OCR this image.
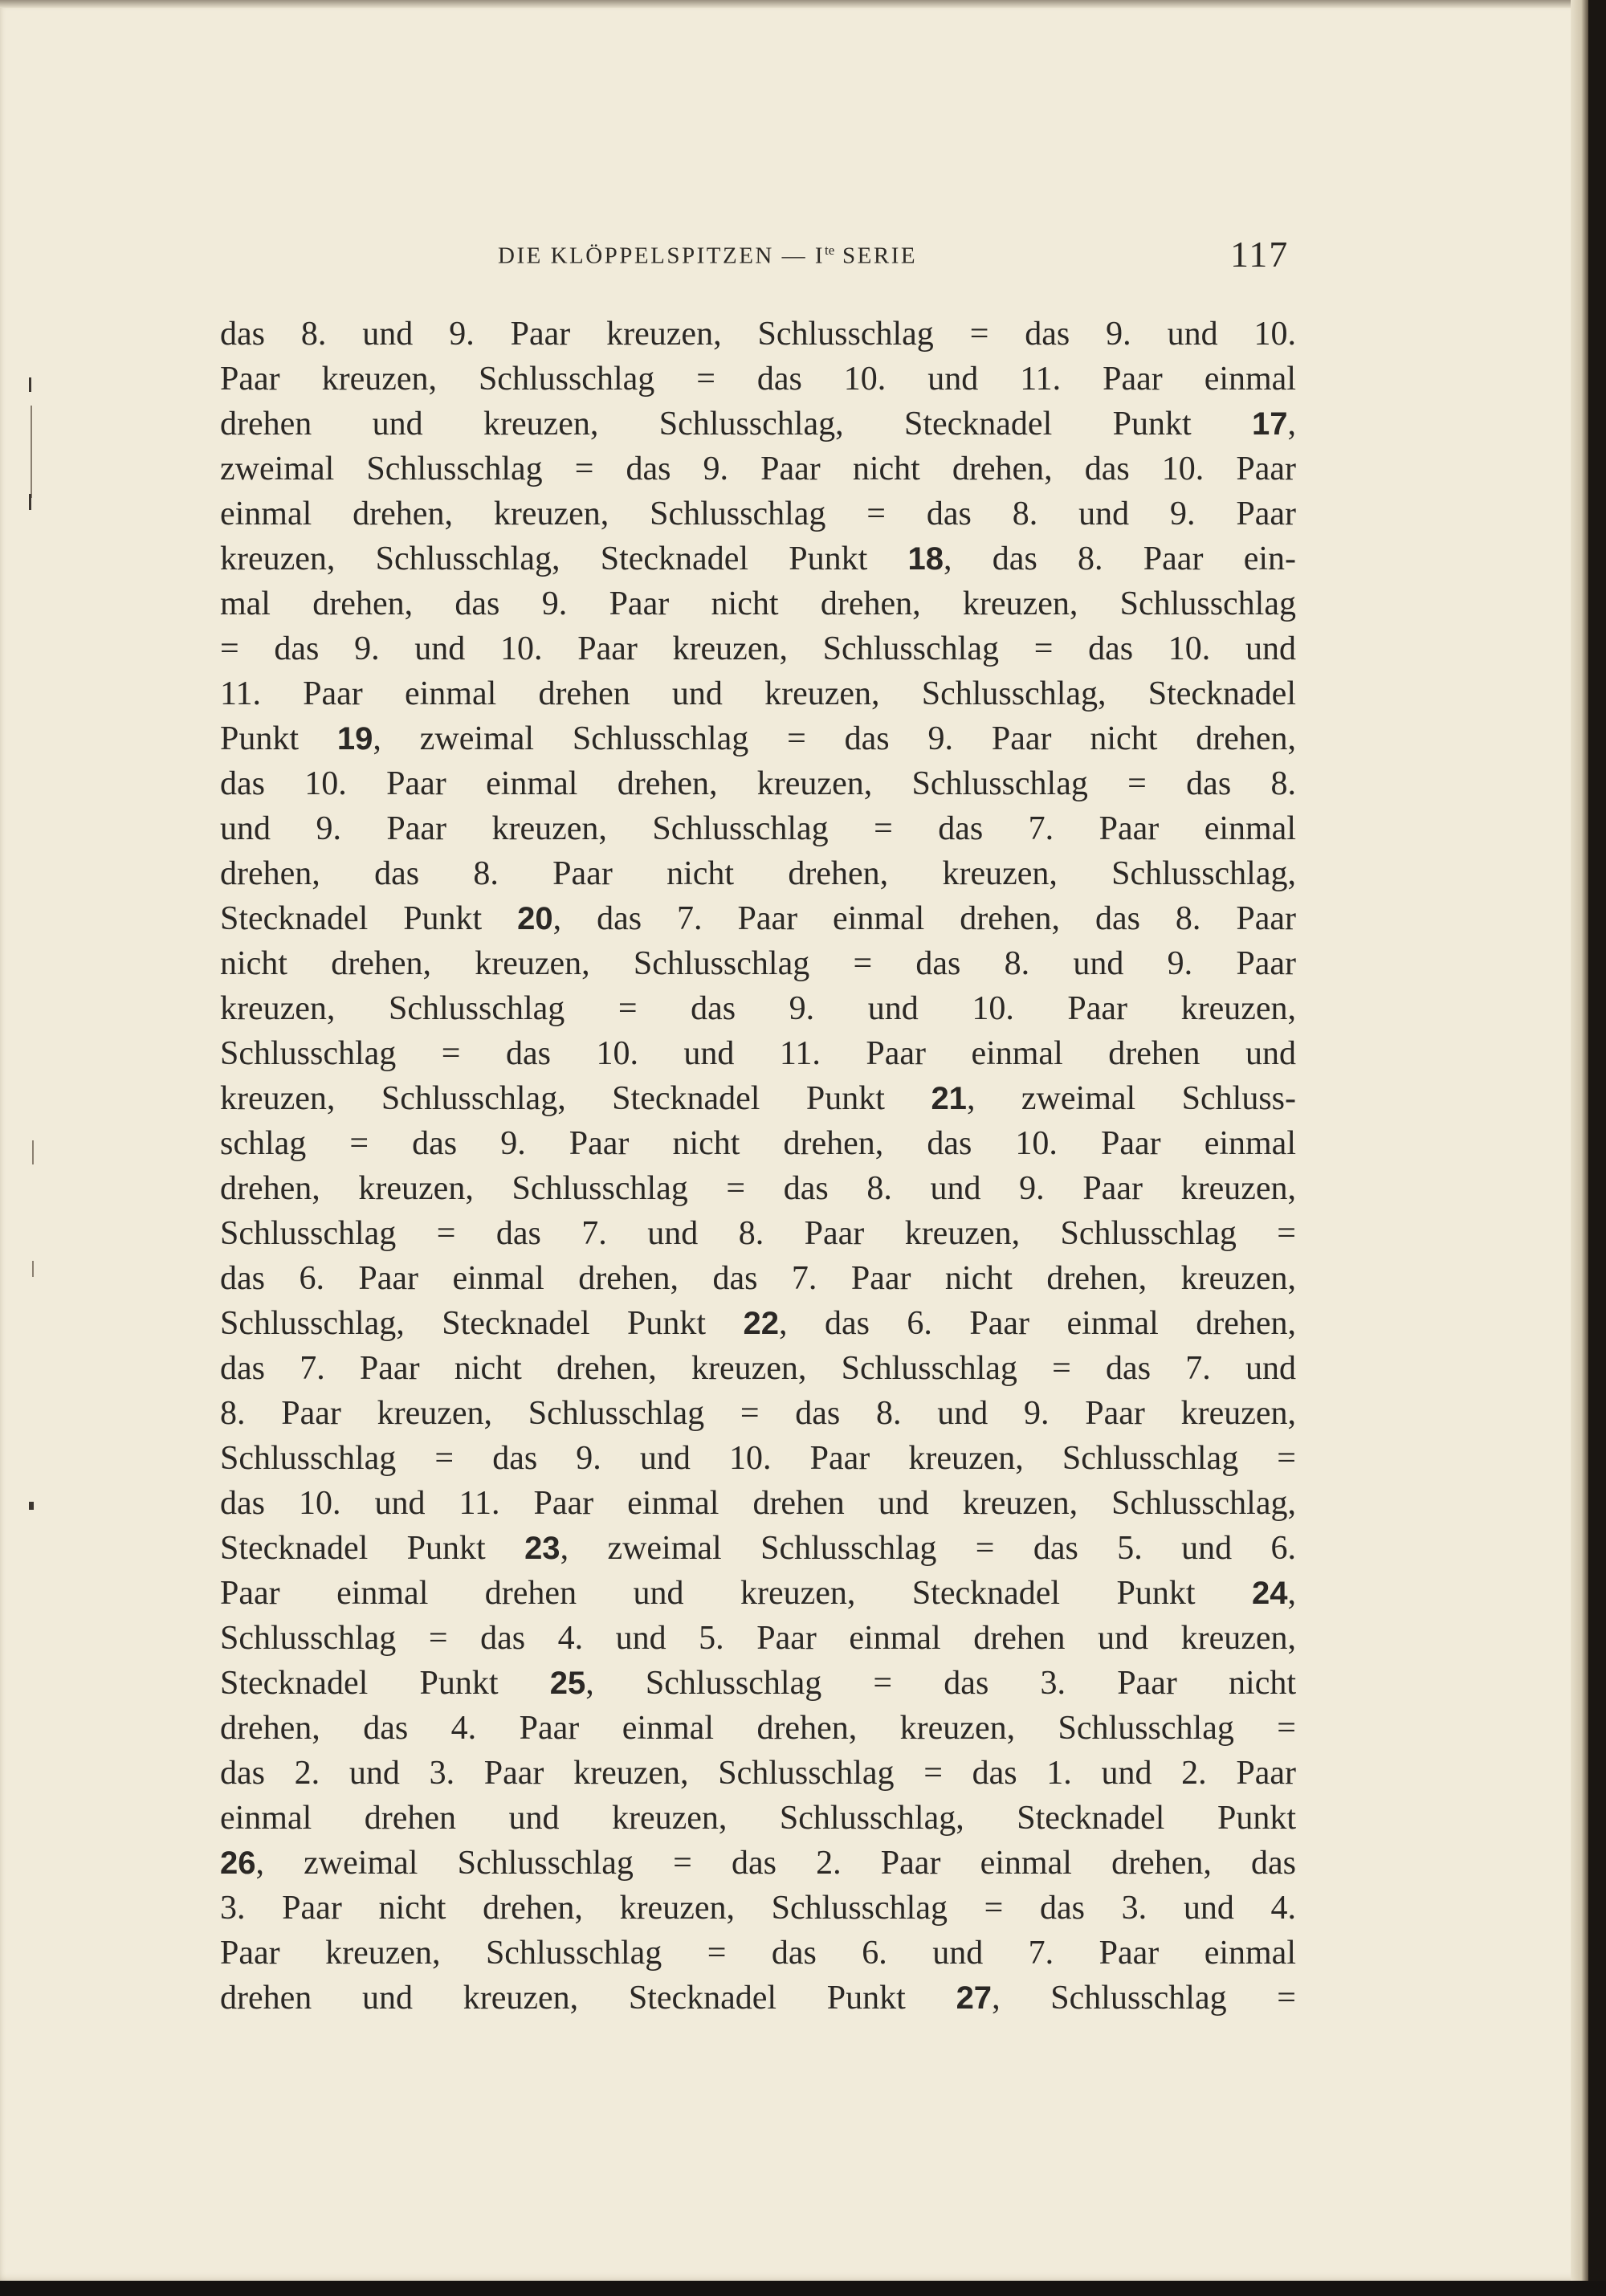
DIE KLÖPPELSPITZEN — $I^{te}$ SERIE	117
das 8. und 9. Paar kreuzen, Schlusschlag = das 9. und 10.
Paar kreuzen, Schlusschlag = das 10. und 11. Paar einmal
drehen und kreuzen, Schlusschlag, Stecknadel Punkt 17,
zweimal Schlusschlag = das 9. Paar nicht drehen, das 10. Paar
einmal drehen, kreuzen, Schlusschlag = das 8. und 9. Paar
kreuzen, Schlusschlag, Stecknadel Punkt 18, das 8. Paar ein-
mal drehen, das 9. Paar nicht drehen, kreuzen, Schlusschlag
= das 9. und 10. Paar kreuzen, Schlusschlag = das 10. und
11. Paar einmal drehen und kreuzen, Schlusschlag, Stecknadel
Punkt 19, zweimal Schlusschlag = das 9. Paar nicht drehen,
das 10. Paar einmal drehen, kreuzen, Schlusschlag = das 8.
und 9. Paar kreuzen, Schlusschlag = das 7. Paar einmal
drehen, das 8. Paar nicht drehen, kreuzen, Schlusschlag,
Stecknadel Punkt 20, das 7. Paar einmal drehen, das 8. Paar
nicht drehen, kreuzen, Schlusschlag = das 8. und 9. Paar
kreuzen, Schlusschlag = das 9. und 10. Paar kreuzen,
Schlusschlag = das 10. und 11. Paar einmal drehen und
kreuzen, Schlusschlag, Stecknadel Punkt 21, zweimal Schluss-
schlag = das 9. Paar nicht drehen, das 10. Paar einmal
drehen, kreuzen, Schlusschlag = das 8. und 9. Paar kreuzen,
Schlusschlag = das 7. und 8. Paar kreuzen, Schlusschlag =
das 6. Paar einmal drehen, das 7. Paar nicht drehen, kreuzen,
Schlusschlag, Stecknadel Punkt 22, das 6. Paar einmal drehen,
das 7. Paar nicht drehen, kreuzen, Schlusschlag = das 7. und
8. Paar kreuzen, Schlusschlag = das 8. und 9. Paar kreuzen,
Schlusschlag = das 9. und 10. Paar kreuzen, Schlusschlag =
das 10. und 11. Paar einmal drehen und kreuzen, Schlusschlag,
Stecknadel Punkt 23, zweimal Schlusschlag = das 5. und 6.
Paar einmal drehen und kreuzen, Stecknadel Punkt 24,
Schlusschlag = das 4. und 5. Paar einmal drehen und kreuzen,
Stecknadel Punkt 25, Schlusschlag = das 3. Paar nicht
drehen, das 4. Paar einmal drehen, kreuzen, Schlusschlag =
das 2. und 3. Paar kreuzen, Schlusschlag = das 1. und 2. Paar
einmal drehen und kreuzen, Schlusschlag, Stecknadel Punkt
26, zweimal Schlusschlag = das 2. Paar einmal drehen, das
3. Paar nicht drehen, kreuzen, Schlusschlag = das 3. und 4.
Paar kreuzen, Schlusschlag = das 6. und 7. Paar einmal
drehen und kreuzen, Stecknadel Punkt 27, Schlusschlag =
